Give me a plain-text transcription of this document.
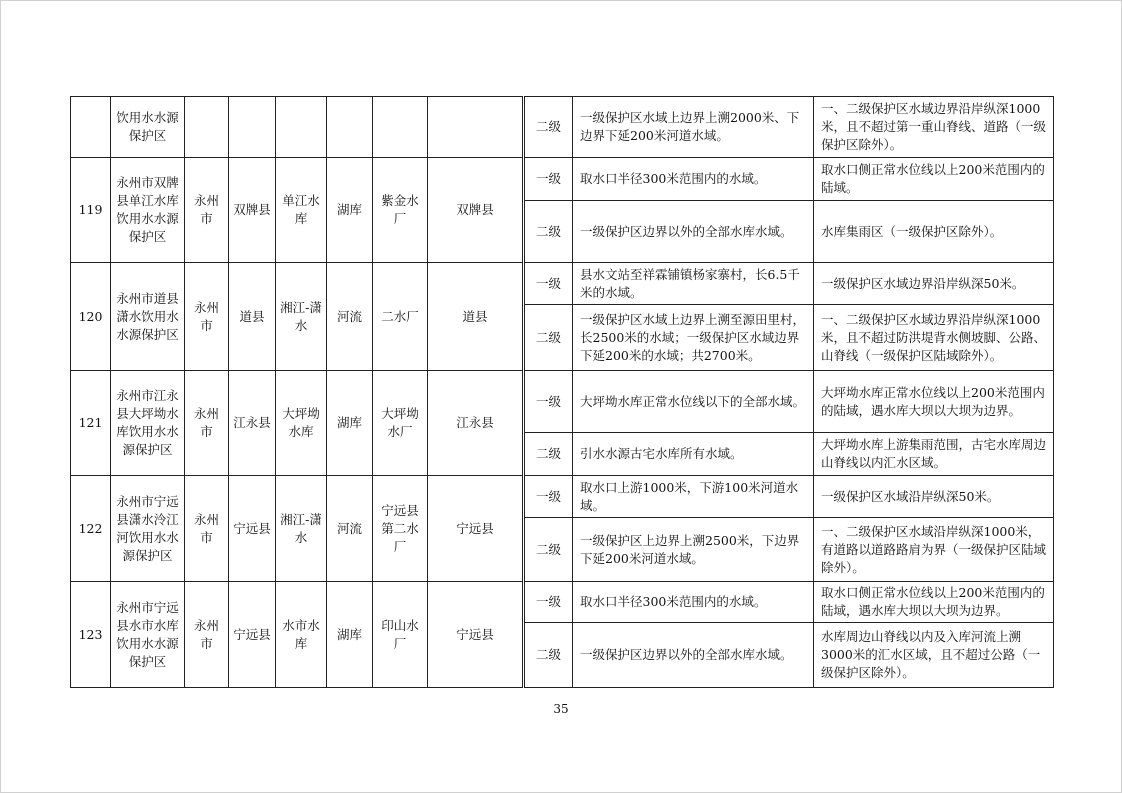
	饮用水水源保护区								二级	一级保护区水域上边界上溯2000米、下边界下延200米河道水域。	一、二级保护区水域边界沿岸纵深1000米，且不超过第一重山脊线、道路（一级保护区除外）。
119	永州市双牌县单江水库饮用水水源保护区	永州市	双牌县	单江水库	湖库	紫金水厂	双牌县		一级	取水口半径300米范围内的水域。	取水口侧正常水位线以上200米范围内的陆域。
									二级	一级保护区边界以外的全部水库水域。	水库集雨区（一级保护区除外）。
120	永州市道县潇水饮用水水源保护区	永州市	道县	湘江-潇水	河流	二水厂	道县		一级	县水文站至祥霖铺镇杨家寨村，长6.5千米的水域。	一级保护区水域边界沿岸纵深50米。
									二级	一级保护区水域上边界上溯至源田里村，长2500米的水域；一级保护区水域边界下延200米的水域；共2700米。	一、二级保护区水域边界沿岸纵深1000米，且不超过防洪堤背水侧坡脚、公路、山脊线（一级保护区陆域除外）。
121	永州市江永县大坪坳水库饮用水水源保护区	永州市	江永县	大坪坳水库	湖库	大坪坳水厂	江永县		一级	大坪坳水库正常水位线以下的全部水域。	大坪坳水库正常水位线以上200米范围内的陆域，遇水库大坝以大坝为边界。
									二级	引水水源古宅水库所有水域。	大坪坳水库上游集雨范围，古宅水库周边山脊线以内汇水区域。
122	永州市宁远县潇水泠江河饮用水水源保护区	永州市	宁远县	湘江-潇水	河流	宁远县第二水厂	宁远县		一级	取水口上游1000米，下游100米河道水域。	一级保护区水域沿岸纵深50米。
									二级	一级保护区上边界上溯2500米，下边界下延200米河道水域。	一、二级保护区水域沿岸纵深1000米，有道路以道路路肩为界（一级保护区陆域除外）。
123	永州市宁远县水市水库饮用水水源保护区	永州市	宁远县	水市水库	湖库	印山水厂	宁远县		一级	取水口半径300米范围内的水域。	取水口侧正常水位线以上200米范围内的陆域，遇水库大坝以大坝为边界。
									二级	一级保护区边界以外的全部水库水域。	水库周边山脊线以内及入库河流上溯3000米的汇水区域，且不超过公路（一级保护区除外）。
35
